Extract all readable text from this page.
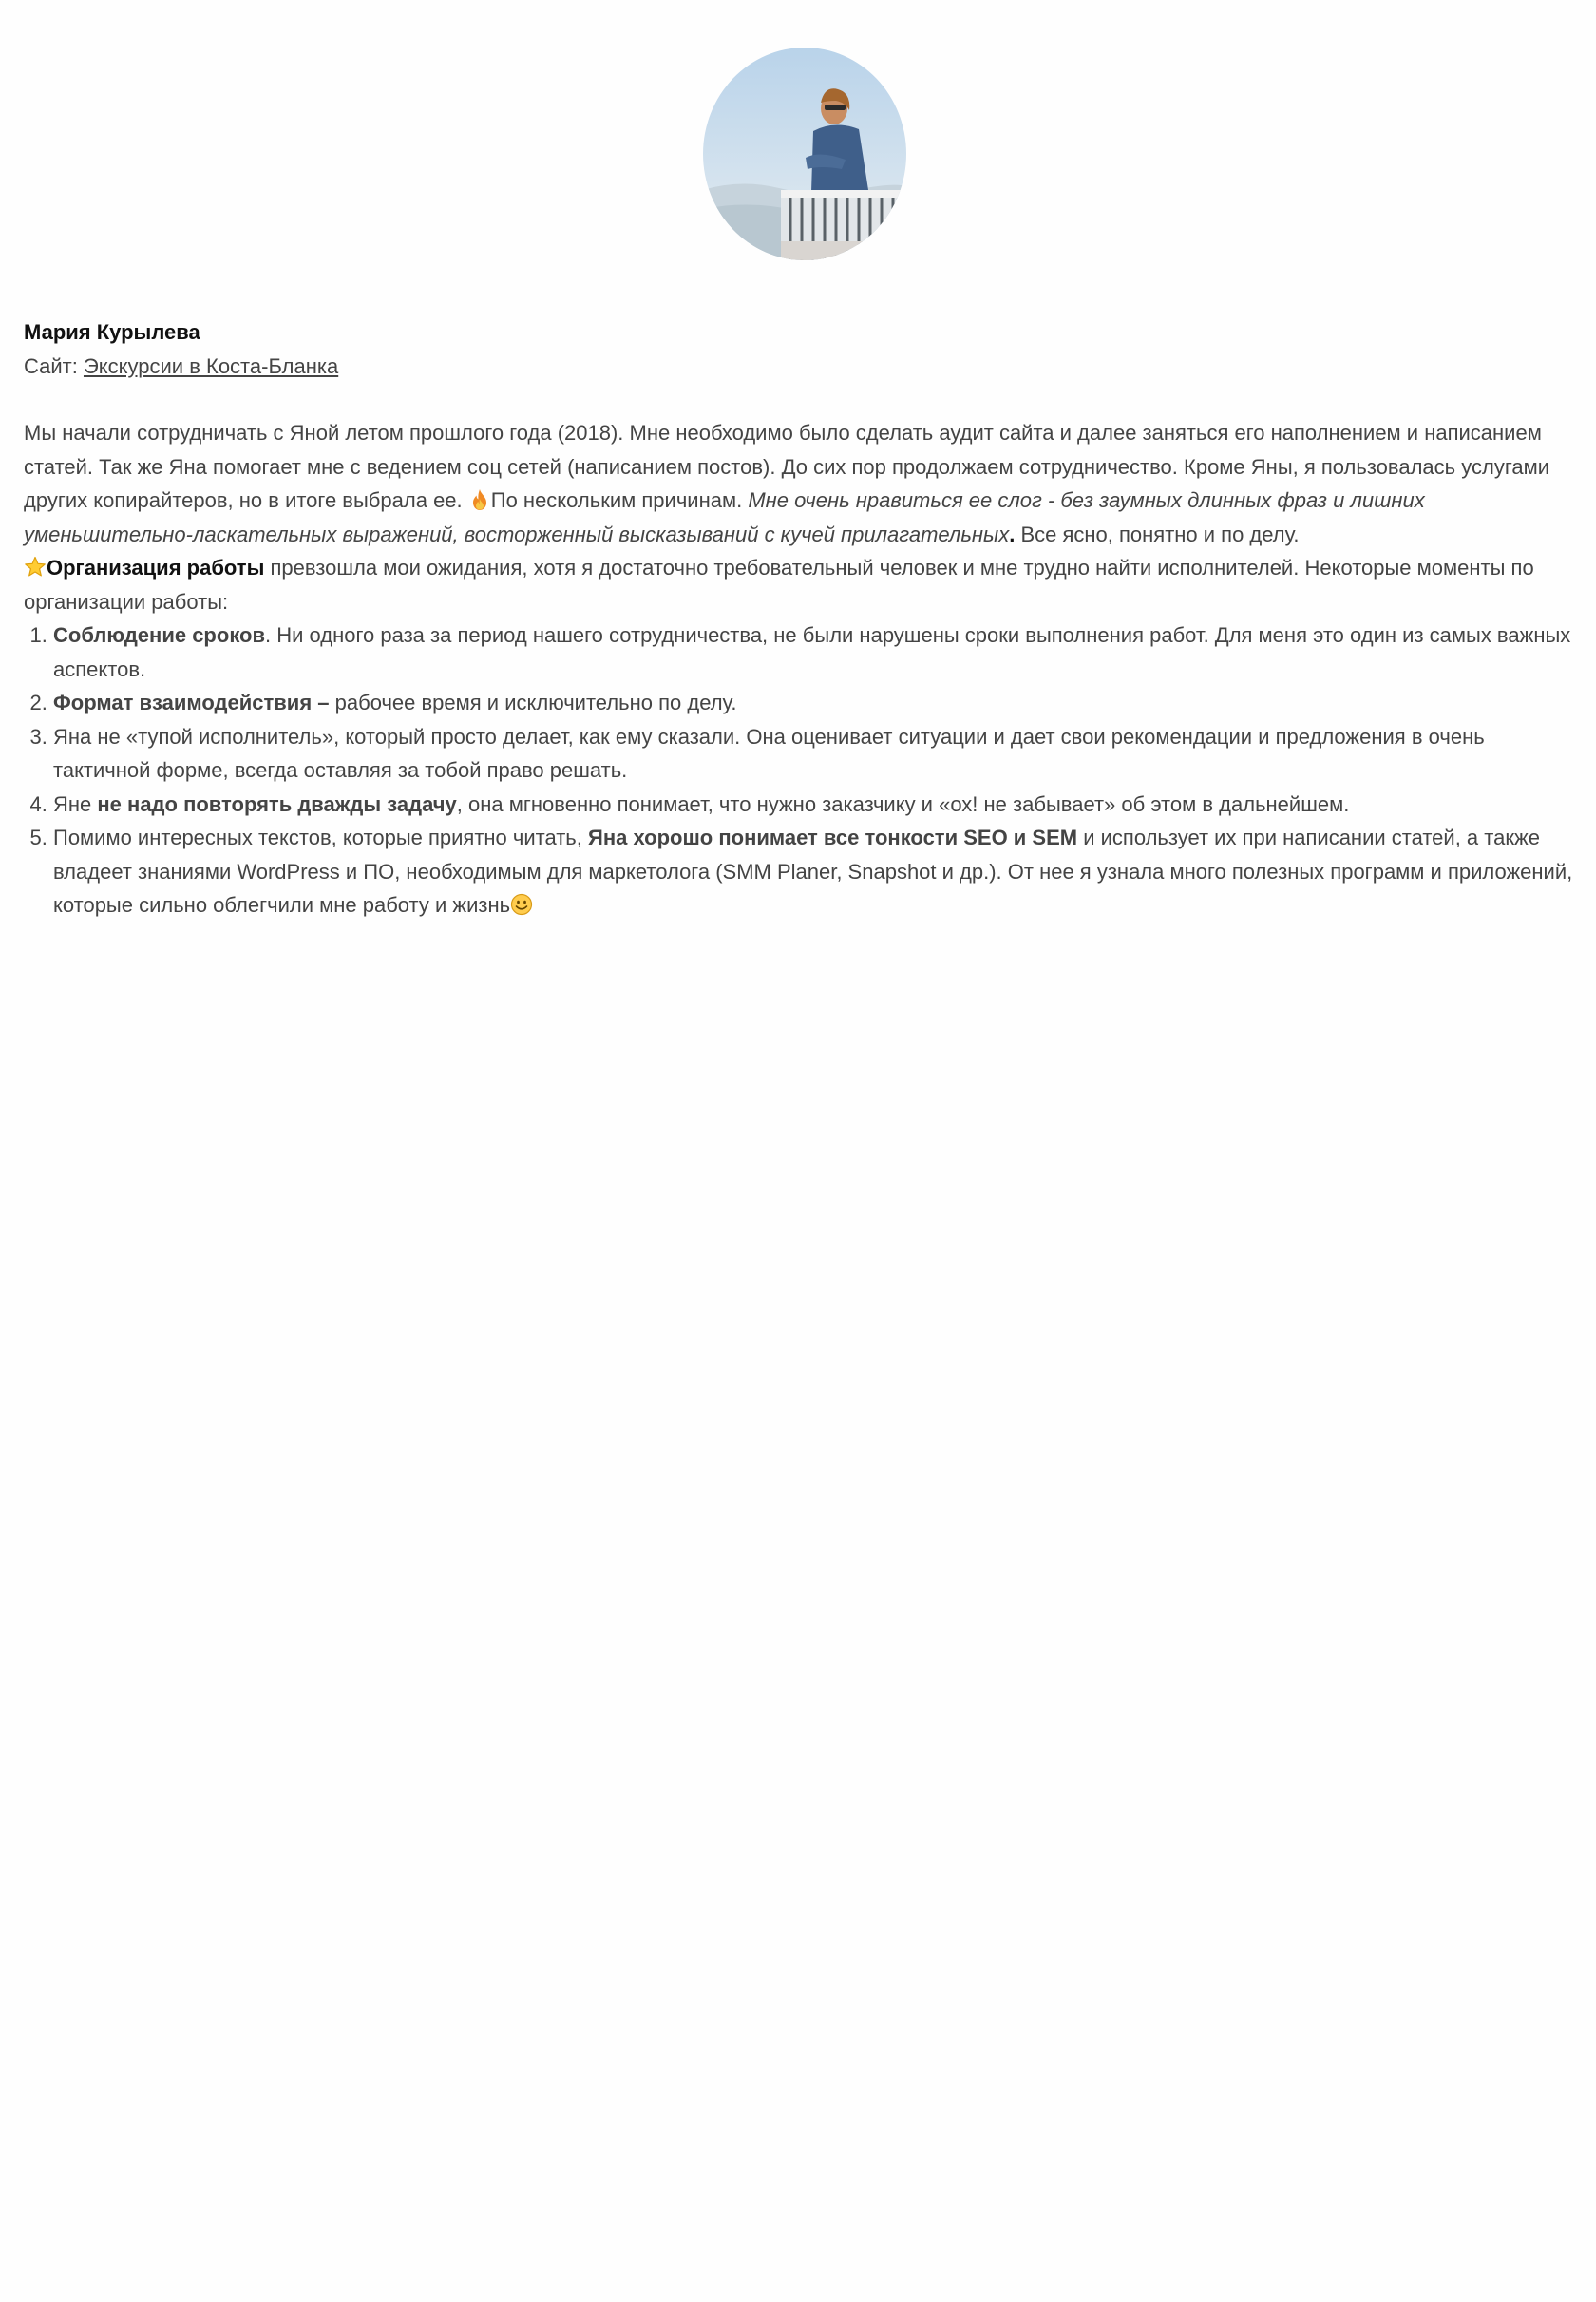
Мария Курылева

Сайт: Экскурсии в Коста-Бланка

Мы начали сотрудничать с Яной летом прошлого года (2018). Мне необходимо было сделать аудит сайта и далее заняться его наполнением и написанием статей. Так же Яна помогает мне с ведением соц сетей (написанием постов). До сих пор продолжаем сотрудничество. Кроме Яны, я пользовалась услугами других копирайтеров, но в итоге выбрала ее.
По нескольким причинам. Мне очень нравиться ее слог - без заумных длинных фраз и лишних уменьшительно-ласкательных выражений, восторженный высказываний с кучей прилагательных. Все ясно, понятно и по делу.

Организация работы превзошла мои ожидания, хотя я достаточно требовательный человек и мне трудно найти исполнителей. Некоторые моменты по организации работы:

1. Соблюдение сроков. Ни одного раза за период нашего сотрудничества, не были нарушены сроки выполнения работ. Для меня это один из самых важных аспектов.
2. Формат взаимодействия – рабочее время и исключительно по делу.
3. Яна не «тупой исполнитель», который просто делает, как ему сказали. Она оценивает ситуации и дает свои рекомендации и предложения в очень тактичной форме, всегда оставляя за тобой право решать.
4. Яне не надо повторять дважды задачу, она мгновенно понимает, что нужно заказчику и «ох! не забывает» об этом в дальнейшем.
5. Помимо интересных текстов, которые приятно читать, Яна хорошо понимает все тонкости SEO и SEM и использует их при написании статей, а также владеет знаниями WordPress и ПО, необходимым для маркетолога (SMM Planer, Snapshot и др.). От нее я узнала много полезных программ и приложений, которые сильно облегчили мне работу и жизнь
